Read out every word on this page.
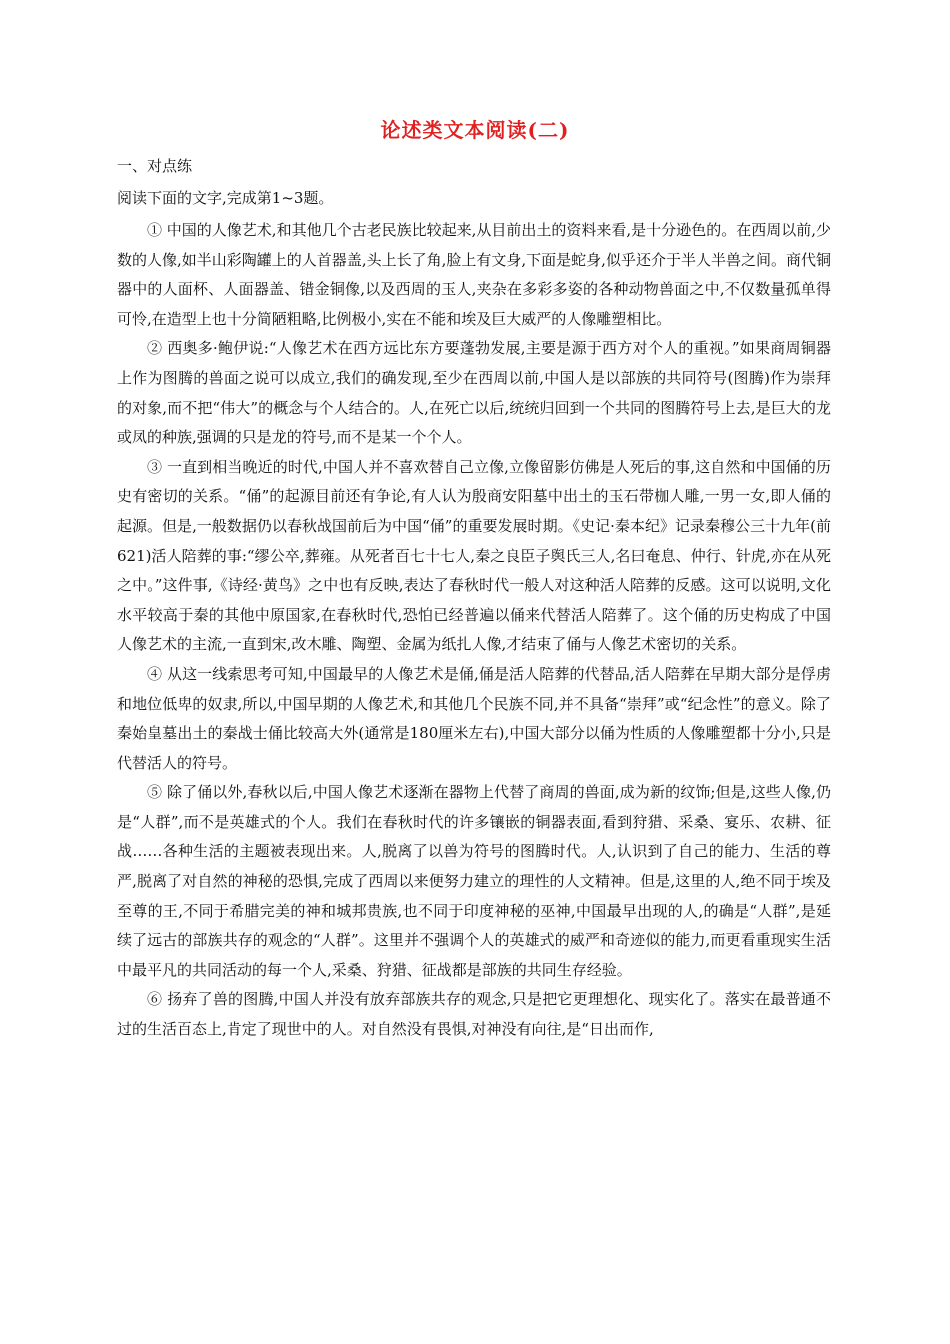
论述类文本阅读(二)
一、对点练
阅读下面的文字,完成第1~3题。

① 中国的人像艺术,和其他几个古老民族比较起来,从目前出土的资料来看,是十分逊色的。在西周以前,少数的人像,如半山彩陶罐上的人首器盖,头上长了角,脸上有文身,下面是蛇身,似乎还介于半人半兽之间。商代铜器中的人面杯、人面器盖、错金铜像,以及西周的玉人,夹杂在多彩多姿的各种动物兽面之中,不仅数量孤单得可怜,在造型上也十分简陋粗略,比例极小,实在不能和埃及巨大威严的人像雕塑相比。

② 西奥多·鲍伊说:“人像艺术在西方远比东方要蓬勃发展,主要是源于西方对个人的重视。”如果商周铜器上作为图腾的兽面之说可以成立,我们的确发现,至少在西周以前,中国人是以部族的共同符号(图腾)作为崇拜的对象,而不把“伟大”的概念与个人结合的。人,在死亡以后,统统归回到一个共同的图腾符号上去,是巨大的龙或凤的种族,强调的只是龙的符号,而不是某一个个人。

③ 一直到相当晚近的时代,中国人并不喜欢替自己立像,立像留影仿佛是人死后的事,这自然和中国俑的历史有密切的关系。“俑”的起源目前还有争论,有人认为殷商安阳墓中出土的玉石带枷人雕,一男一女,即人俑的起源。但是,一般数据仍以春秋战国前后为中国“俑”的重要发展时期。《史记·秦本纪》记录秦穆公三十九年(前621)活人陪葬的事:“缪公卒,葬雍。从死者百七十七人,秦之良臣子舆氏三人,名曰奄息、仲行、针虎,亦在从死之中。”这件事,《诗经·黄鸟》之中也有反映,表达了春秋时代一般人对这种活人陪葬的反感。这可以说明,文化水平较高于秦的其他中原国家,在春秋时代,恐怕已经普遍以俑来代替活人陪葬了。这个俑的历史构成了中国人像艺术的主流,一直到宋,改木雕、陶塑、金属为纸扎人像,才结束了俑与人像艺术密切的关系。

④ 从这一线索思考可知,中国最早的人像艺术是俑,俑是活人陪葬的代替品,活人陪葬在早期大部分是俘虏和地位低卑的奴隶,所以,中国早期的人像艺术,和其他几个民族不同,并不具备“崇拜”或“纪念性”的意义。除了秦始皇墓出土的秦战士俑比较高大外(通常是180厘米左右),中国大部分以俑为性质的人像雕塑都十分小,只是代替活人的符号。

⑤ 除了俑以外,春秋以后,中国人像艺术逐渐在器物上代替了商周的兽面,成为新的纹饰;但是,这些人像,仍是“人群”,而不是英雄式的个人。我们在春秋时代的许多镶嵌的铜器表面,看到狩猎、采桑、宴乐、农耕、征战……各种生活的主题被表现出来。人,脱离了以兽为符号的图腾时代。人,认识到了自己的能力、生活的尊严,脱离了对自然的神秘的恐惧,完成了西周以来便努力建立的理性的人文精神。但是,这里的人,绝不同于埃及至尊的王,不同于希腊完美的神和城邦贵族,也不同于印度神秘的巫神,中国最早出现的人,的确是“人群”,是延续了远古的部族共存的观念的“人群”。这里并不强调个人的英雄式的威严和奇迹似的能力,而更看重现实生活中最平凡的共同活动的每一个人,采桑、狩猎、征战都是部族的共同生存经验。

⑥ 扬弃了兽的图腾,中国人并没有放弃部族共存的观念,只是把它更理想化、现实化了。落实在最普通不过的生活百态上,肯定了现世中的人。对自然没有畏惧,对神没有向往,是“日出而作,
